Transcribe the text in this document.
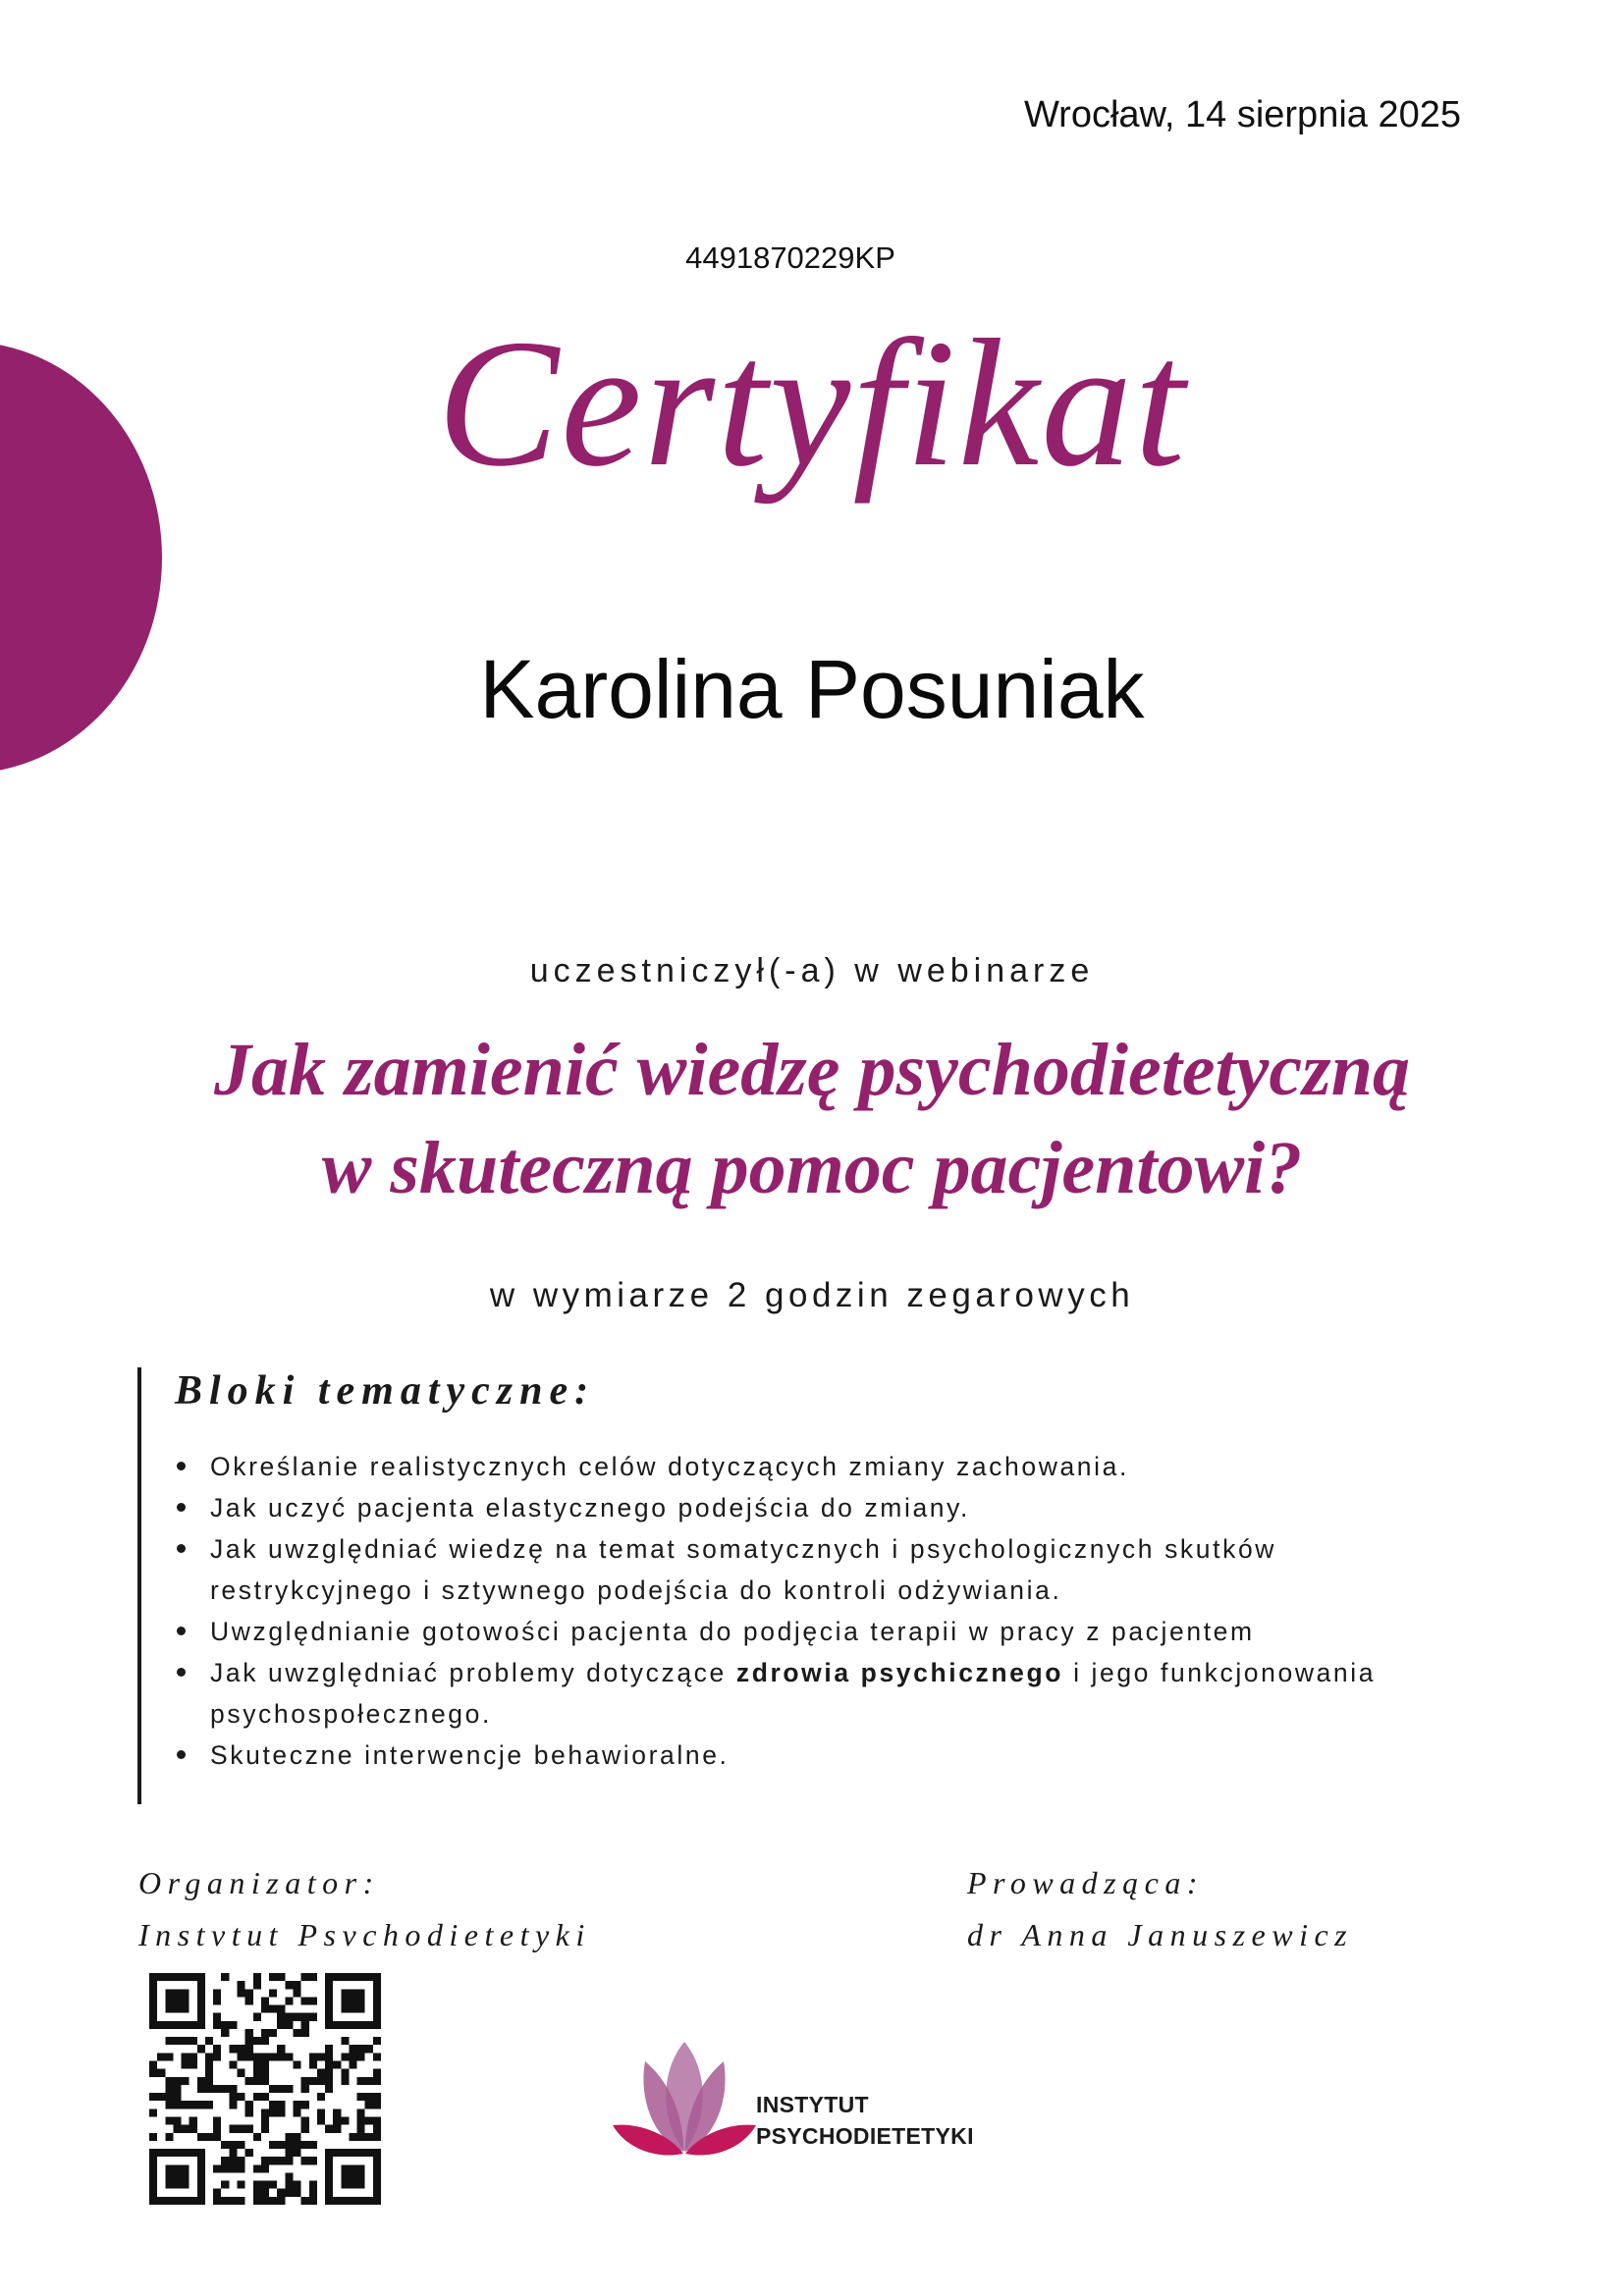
Wrocław, 14 sierpnia 2025
4491870229KP
Certyfikat
Karolina Posuniak
uczestniczył(-a) w webinarze
Jak zamienić wiedzę psychodietetyczną
w skuteczną pomoc pacjentowi?
w wymiarze 2 godzin zegarowych
Bloki tematyczne:
Określanie realistycznych celów dotyczących zmiany zachowania.
Jak uczyć pacjenta elastycznego podejścia do zmiany.
Jak uwzględniać wiedzę na temat somatycznych i psychologicznych skutków restrykcyjnego i sztywnego podejścia do kontroli odżywiania.
Uwzględnianie gotowości pacjenta do podjęcia terapii w pracy z pacjentem
Jak uwzględniać problemy dotyczące zdrowia psychicznego i jego funkcjonowania psychospołecznego.
Skuteczne interwencje behawioralne.
Organizator:
Instvtut Psvchodietetyki
Prowadząca:
dr Anna Januszewicz
INSTYTUT
PSYCHODIETETYKI
